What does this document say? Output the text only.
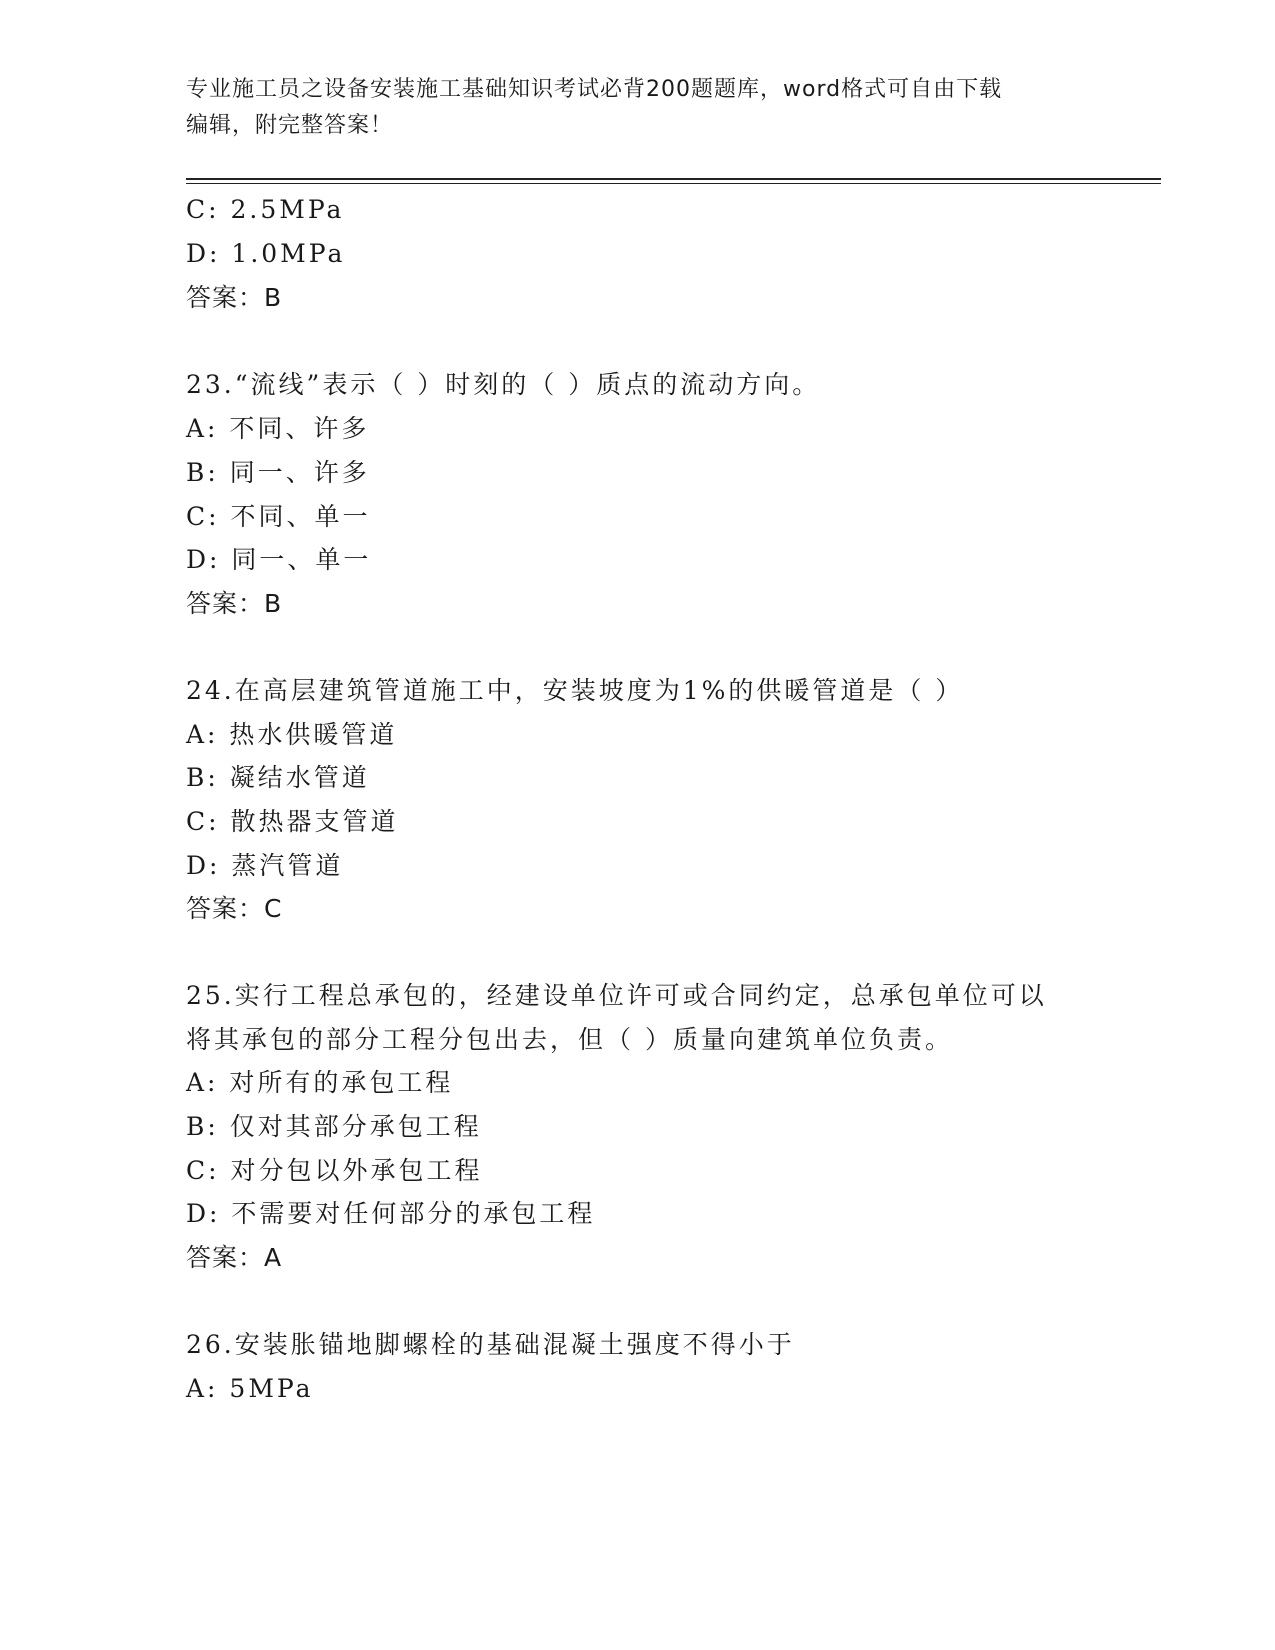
专业施工员之设备安装施工基础知识考试必背200题题库，word格式可自由下载
编辑，附完整答案！
C: 2.5MPa
D: 1.0MPa
答案：B
23.“流线”表示（ ）时刻的（ ）质点的流动方向。
A: 不同、许多
B: 同一、许多
C: 不同、单一
D: 同一、单一
答案：B
24.在高层建筑管道施工中，安装坡度为1%的供暖管道是（ ）
A: 热水供暖管道
B: 凝结水管道
C: 散热器支管道
D: 蒸汽管道
答案：C
25.实行工程总承包的，经建设单位许可或合同约定，总承包单位可以
将其承包的部分工程分包出去，但（ ）质量向建筑单位负责。
A: 对所有的承包工程
B: 仅对其部分承包工程
C: 对分包以外承包工程
D: 不需要对任何部分的承包工程
答案：A
26.安装胀锚地脚螺栓的基础混凝土强度不得小于
A: 5MPa
